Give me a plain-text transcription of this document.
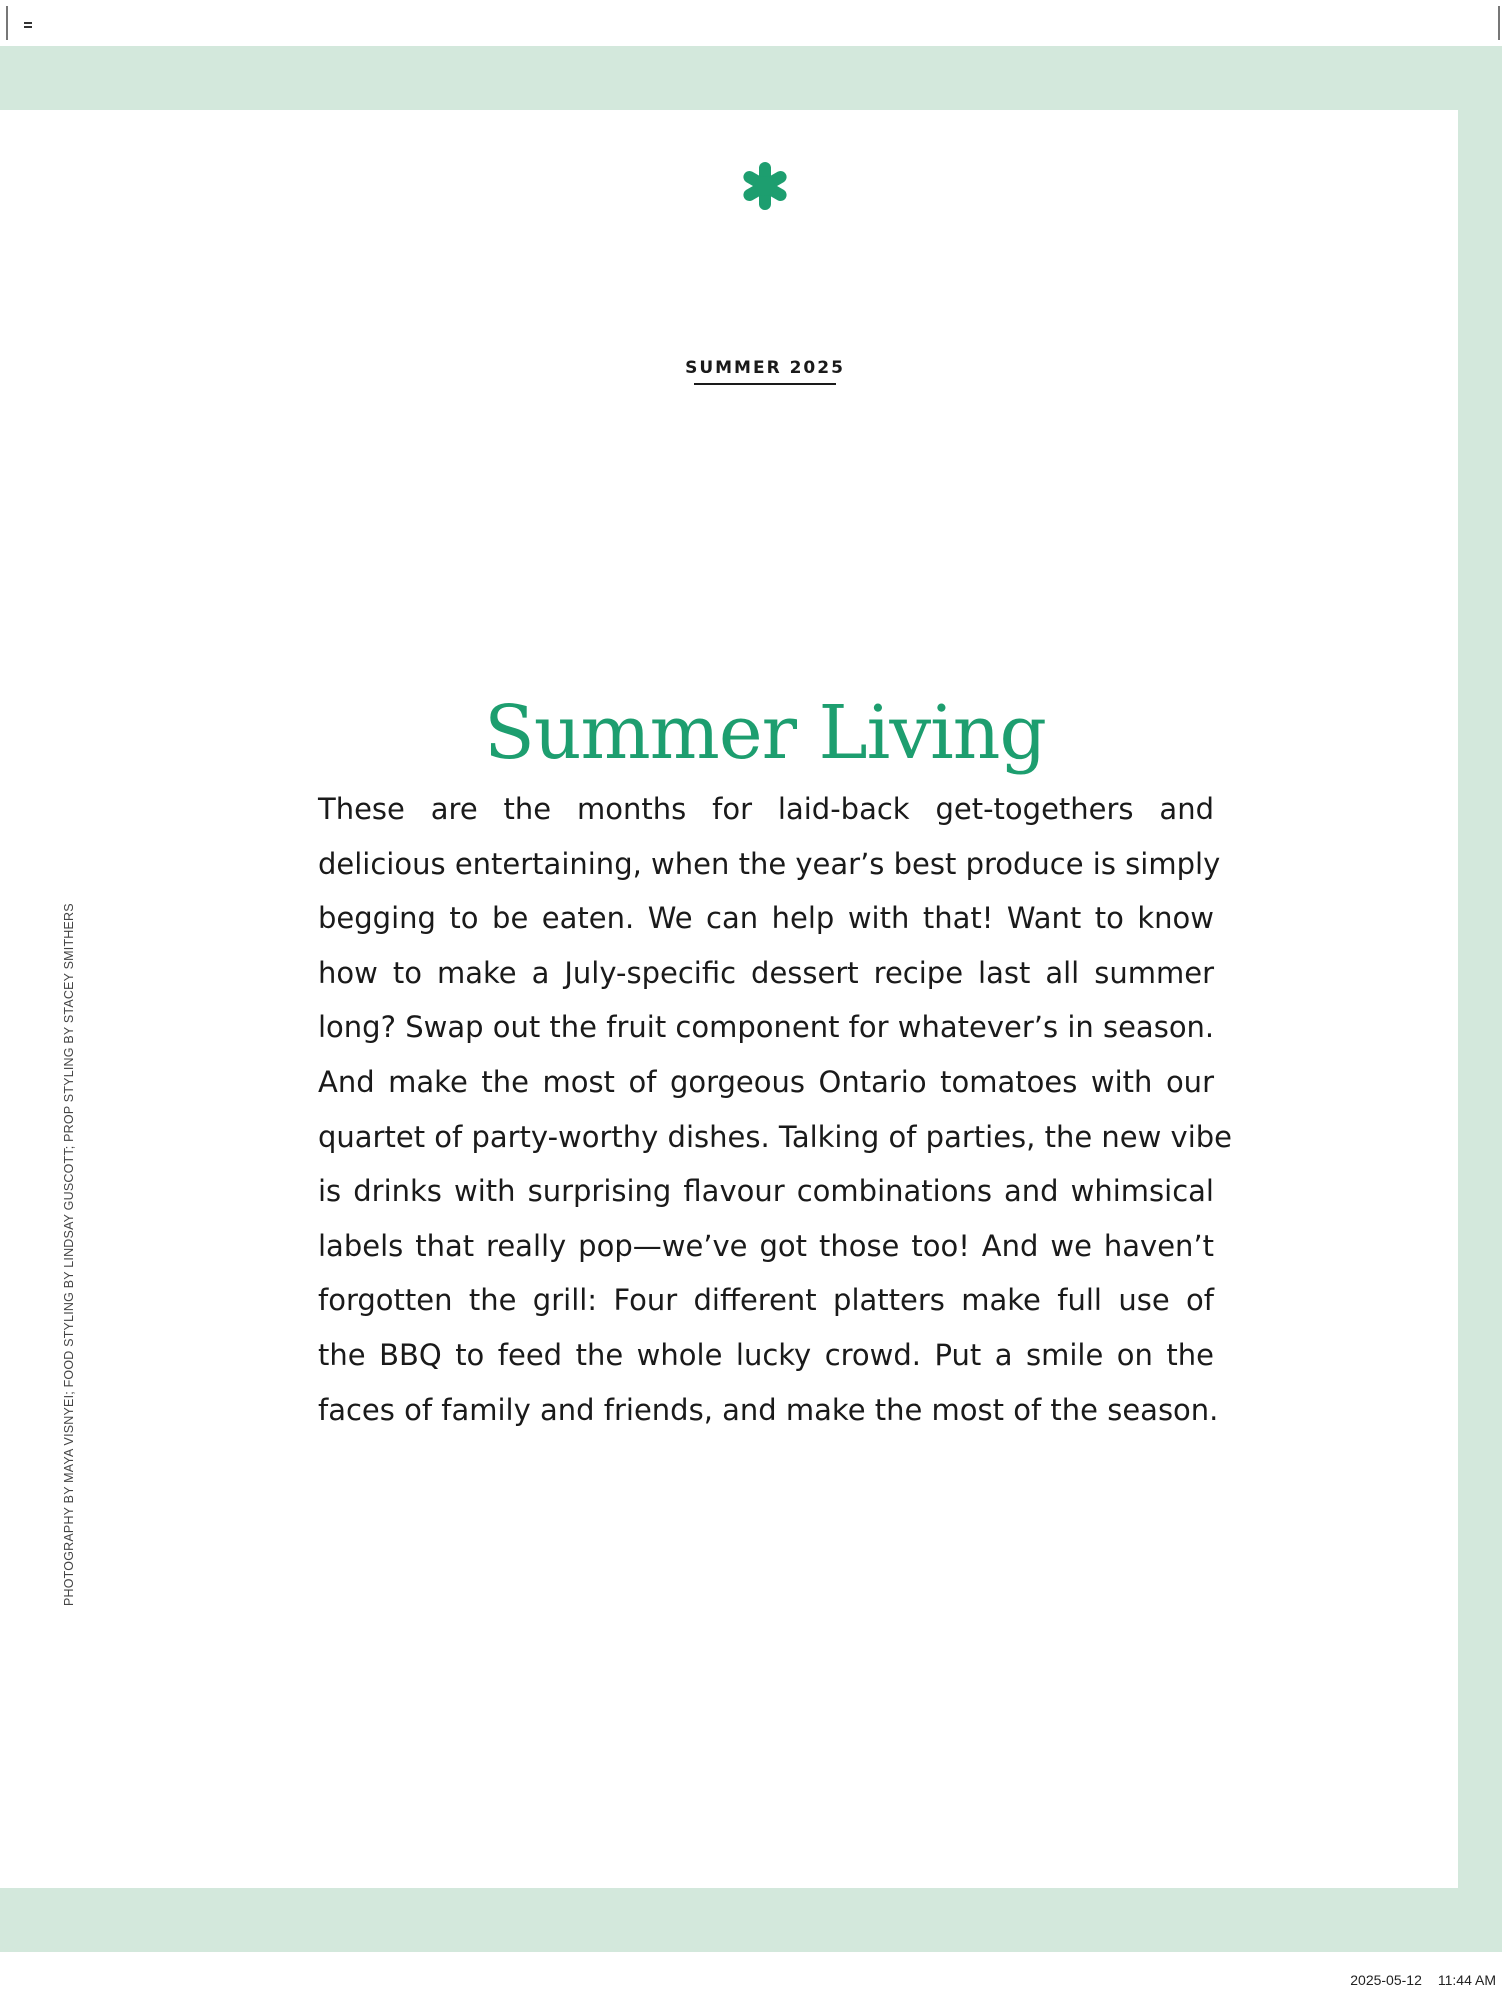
SUMMER 2025
Summer Living
These are the months for laid-back get-togethers and
delicious entertaining, when the year’s best produce is simply
begging to be eaten. We can help with that! Want to know
how to make a July-specific dessert recipe last all summer
long? Swap out the fruit component for whatever’s in season.
And make the most of gorgeous Ontario tomatoes with our
quartet of party-worthy dishes. Talking of parties, the new vibe
is drinks with surprising flavour combinations and whimsical
labels that really pop—we’ve got those too! And we haven’t
forgotten the grill: Four different platters make full use of
the BBQ to feed the whole lucky crowd. Put a smile on the
faces of family and friends, and make the most of the season.
PHOTOGRAPHY BY MAYA VISNYEI; FOOD STYLING BY LINDSAY GUSCOTT; PROP STYLING BY STACEY SMITHERS
2025-05-12 11:44 AM
